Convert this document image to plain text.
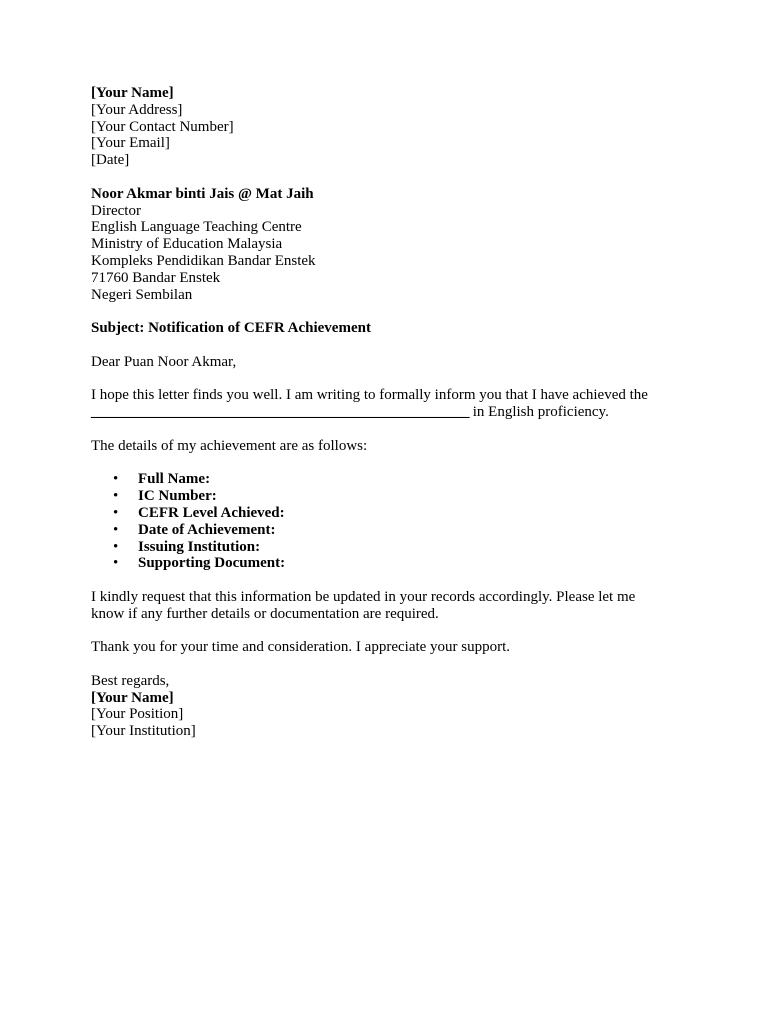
[Your Name]
[Your Address]
[Your Contact Number]
[Your Email]
[Date]
Noor Akmar binti Jais @ Mat Jaih
Director
English Language Teaching Centre
Ministry of Education Malaysia
Kompleks Pendidikan Bandar Enstek
71760 Bandar Enstek
Negeri Sembilan
Subject: Notification of CEFR Achievement
Dear Puan Noor Akmar,
I hope this letter finds you well. I am writing to formally inform you that I have achieved the
______________________________________________________ in English proficiency.
The details of my achievement are as follows:
• Full Name:
• IC Number:
• CEFR Level Achieved:
• Date of Achievement:
• Issuing Institution:
• Supporting Document:
I kindly request that this information be updated in your records accordingly. Please let me
know if any further details or documentation are required.
Thank you for your time and consideration. I appreciate your support.
Best regards,
[Your Name]
[Your Position]
[Your Institution]
